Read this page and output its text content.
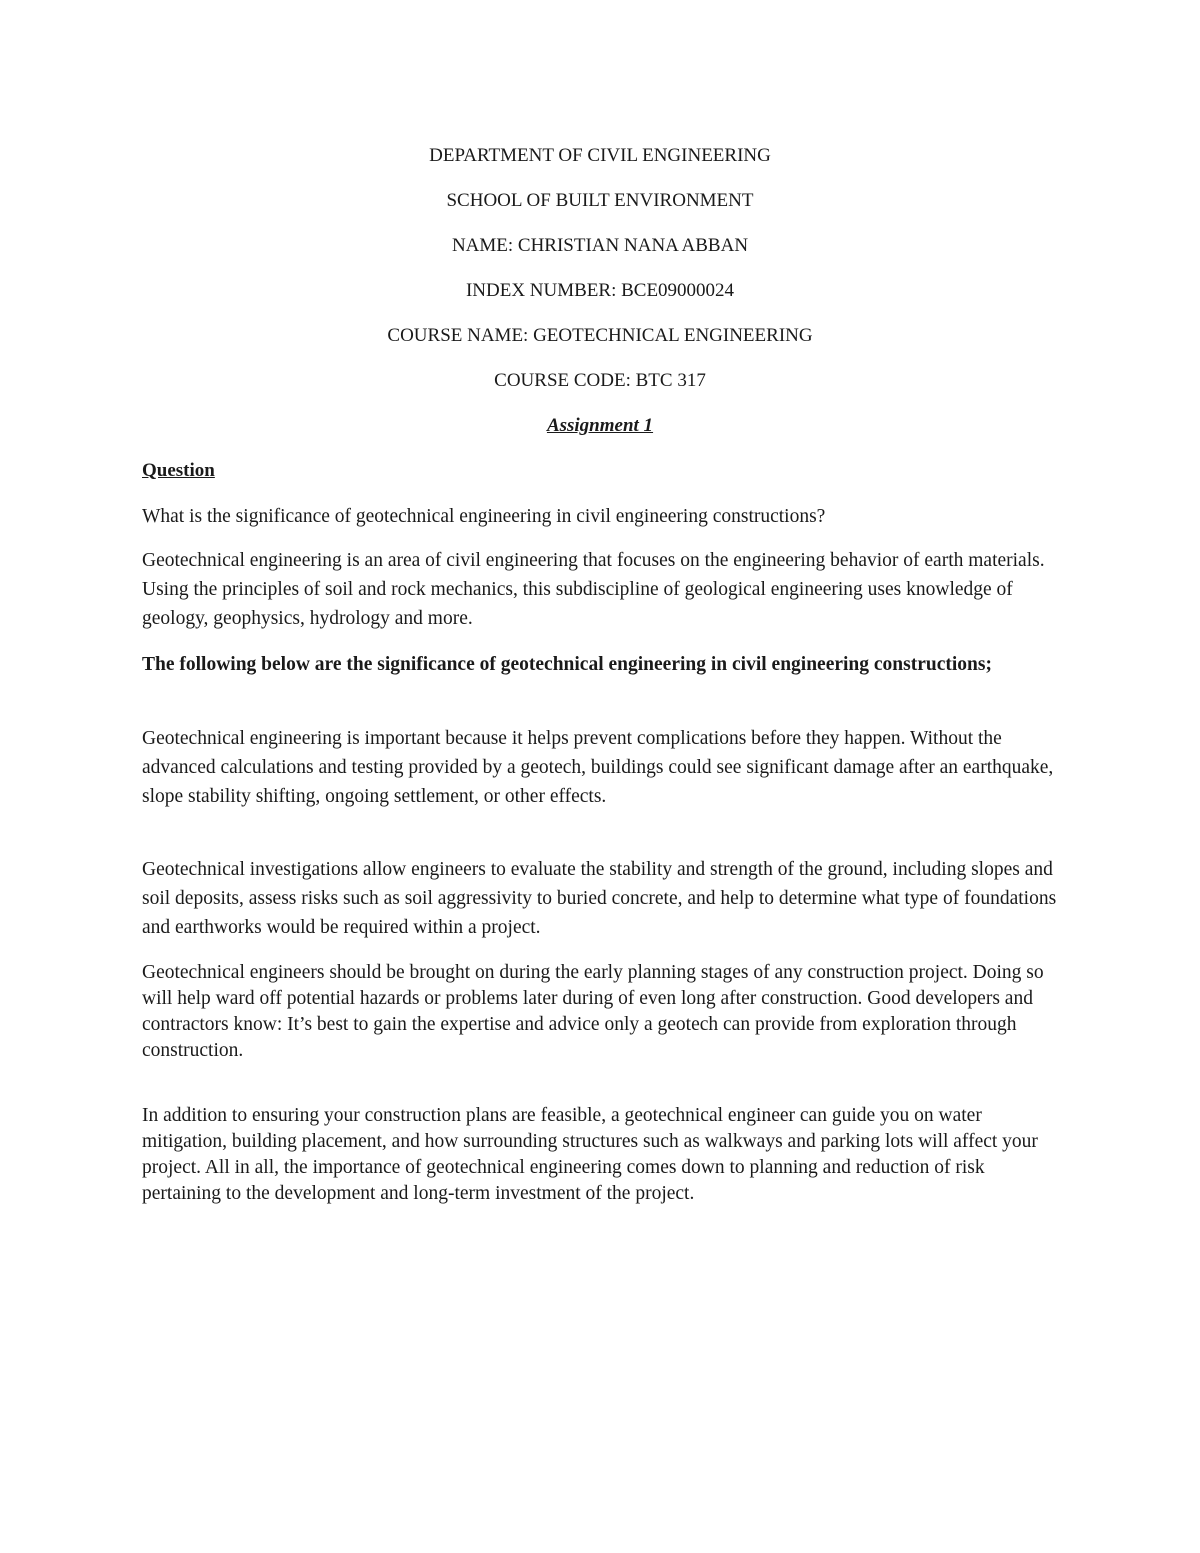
DEPARTMENT OF CIVIL ENGINEERING
SCHOOL OF BUILT ENVIRONMENT
NAME: CHRISTIAN NANA ABBAN
INDEX NUMBER: BCE09000024
COURSE NAME: GEOTECHNICAL ENGINEERING
COURSE CODE: BTC 317
Assignment 1
Question

What is the significance of geotechnical engineering in civil engineering constructions?

Geotechnical engineering is an area of civil engineering that focuses on the engineering behavior of earth materials. Using the principles of soil and rock mechanics, this subdiscipline of geological engineering uses knowledge of geology, geophysics, hydrology and more.

The following below are the significance of geotechnical engineering in civil engineering constructions;

Geotechnical engineering is important because it helps prevent complications before they happen. Without the advanced calculations and testing provided by a geotech, buildings could see significant damage after an earthquake, slope stability shifting, ongoing settlement, or other effects.

Geotechnical investigations allow engineers to evaluate the stability and strength of the ground, including slopes and soil deposits, assess risks such as soil aggressivity to buried concrete, and help to determine what type of foundations and earthworks would be required within a project.

Geotechnical engineers should be brought on during the early planning stages of any construction project. Doing so will help ward off potential hazards or problems later during of even long after construction. Good developers and contractors know: It’s best to gain the expertise and advice only a geotech can provide from exploration through construction.

In addition to ensuring your construction plans are feasible, a geotechnical engineer can guide you on water mitigation, building placement, and how surrounding structures such as walkways and parking lots will affect your project. All in all, the importance of geotechnical engineering comes down to planning and reduction of risk pertaining to the development and long-term investment of the project.
